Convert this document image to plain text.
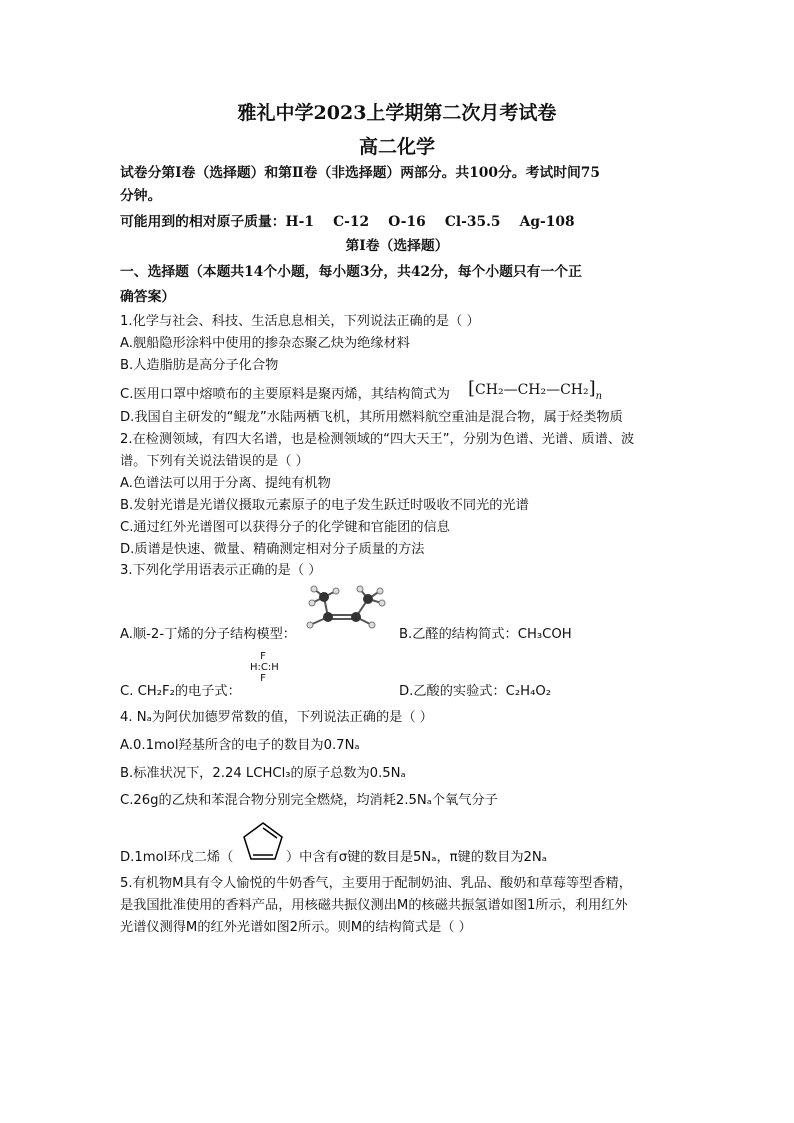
雅礼中学2023上学期第二次月考试卷
高二化学
试卷分第Ⅰ卷（选择题）和第Ⅱ卷（非选择题）两部分。共100分。考试时间75
分钟。
可能用到的相对原子质量：H-1    C-12    O-16    Cl-35.5    Ag-108
第Ⅰ卷（选择题）
一、选择题（本题共14个小题，每小题3分，共42分，每个小题只有一个正
确答案）
1.化学与社会、科技、生活息息相关，下列说法正确的是（ ）
A.舰船隐形涂料中使用的掺杂态聚乙炔为绝缘材料
B.人造脂肪是高分子化合物
C.医用口罩中熔喷布的主要原料是聚丙烯，其结构简式为 $[CH_2—CH_2—CH_2]_n$
D.我国自主研发的“鲲龙”水陆两栖飞机，其所用燃料航空重油是混合物，属于烃类物质
2.在检测领域，有四大名谱，也是检测领域的“四大天王”，分别为色谱、光谱、质谱、波
谱。下列有关说法错误的是（ ）
A.色谱法可以用于分离、提纯有机物
B.发射光谱是光谱仪摄取元素原子的电子发生跃迁时吸收不同光的光谱
C.通过红外光谱图可以获得分子的化学键和官能团的信息
D.质谱是快速、微量、精确测定相对分子质量的方法
3.下列化学用语表示正确的是（ ）
A.顺-2-丁烯的分子结构模型：	B.乙醛的结构简式：CH₃COH
F
H:C:H
F
C. CH₂F₂的电子式：	D.乙酸的实验式：C₂H₄O₂
4. Nₐ为阿伏加德罗常数的值，下列说法正确的是（ ）
A.0.1mol羟基所含的电子的数目为0.7Nₐ
B.标准状况下，2.24 LCHCl₃的原子总数为0.5Nₐ
C.26g的乙炔和苯混合物分别完全燃烧，均消耗2.5Nₐ个氧气分子
D.1mol环戊二烯（	）中含有σ键的数目是5Nₐ，π键的数目为2Nₐ
5.有机物M具有令人愉悦的牛奶香气，主要用于配制奶油、乳品、酸奶和草莓等型香精，
是我国批准使用的香料产品，用核磁共振仪测出M的核磁共振氢谱如图1所示，利用红外
光谱仪测得M的红外光谱如图2所示。则M的结构简式是（ ）
